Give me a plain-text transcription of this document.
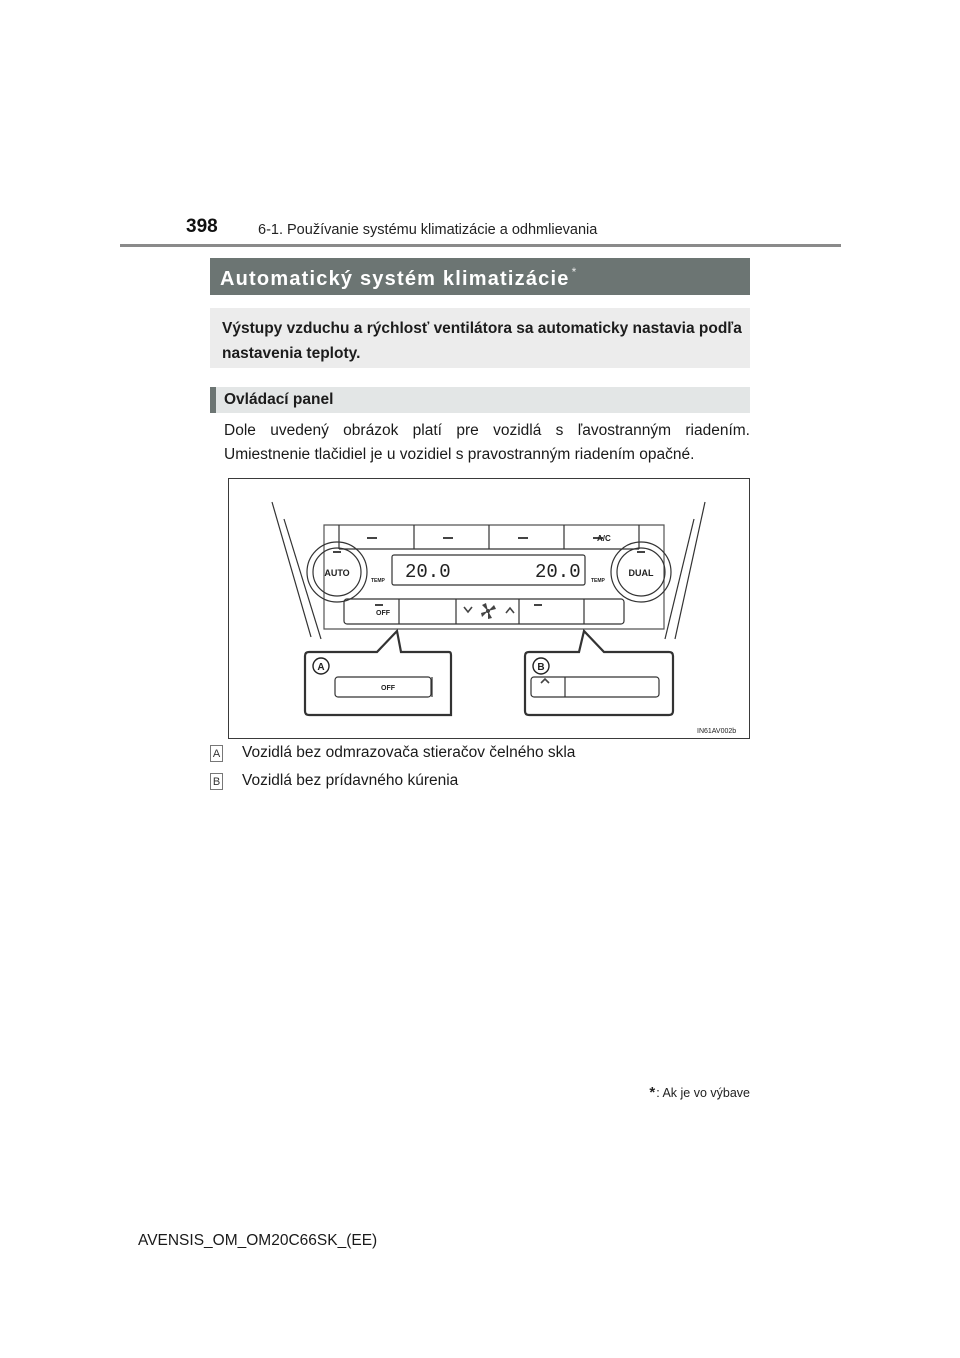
398	6-1. Používanie systému klimatizácie a odhmlievania
Automatický systém klimatizácie *
Výstupy vzduchu a rýchlosť ventilátora sa automaticky nastavia podľa nastavenia teploty.
Ovládací panel
Dole uvedený obrázok platí pre vozidlá s ľavostranným riadením. Umiestnenie tlačidiel je u vozidiel s pravostranným riadením opačné.
AUTO	DUAL
A/C
TEMP	TEMP
20.0	20.0
OFF
OFF
IN61AV002b
A	B
A Vozidlá bez odmrazovača stieračov čelného skla
B Vozidlá bez prídavného kúrenia
*: Ak je vo výbave
AVENSIS_OM_OM20C66SK_(EE)
